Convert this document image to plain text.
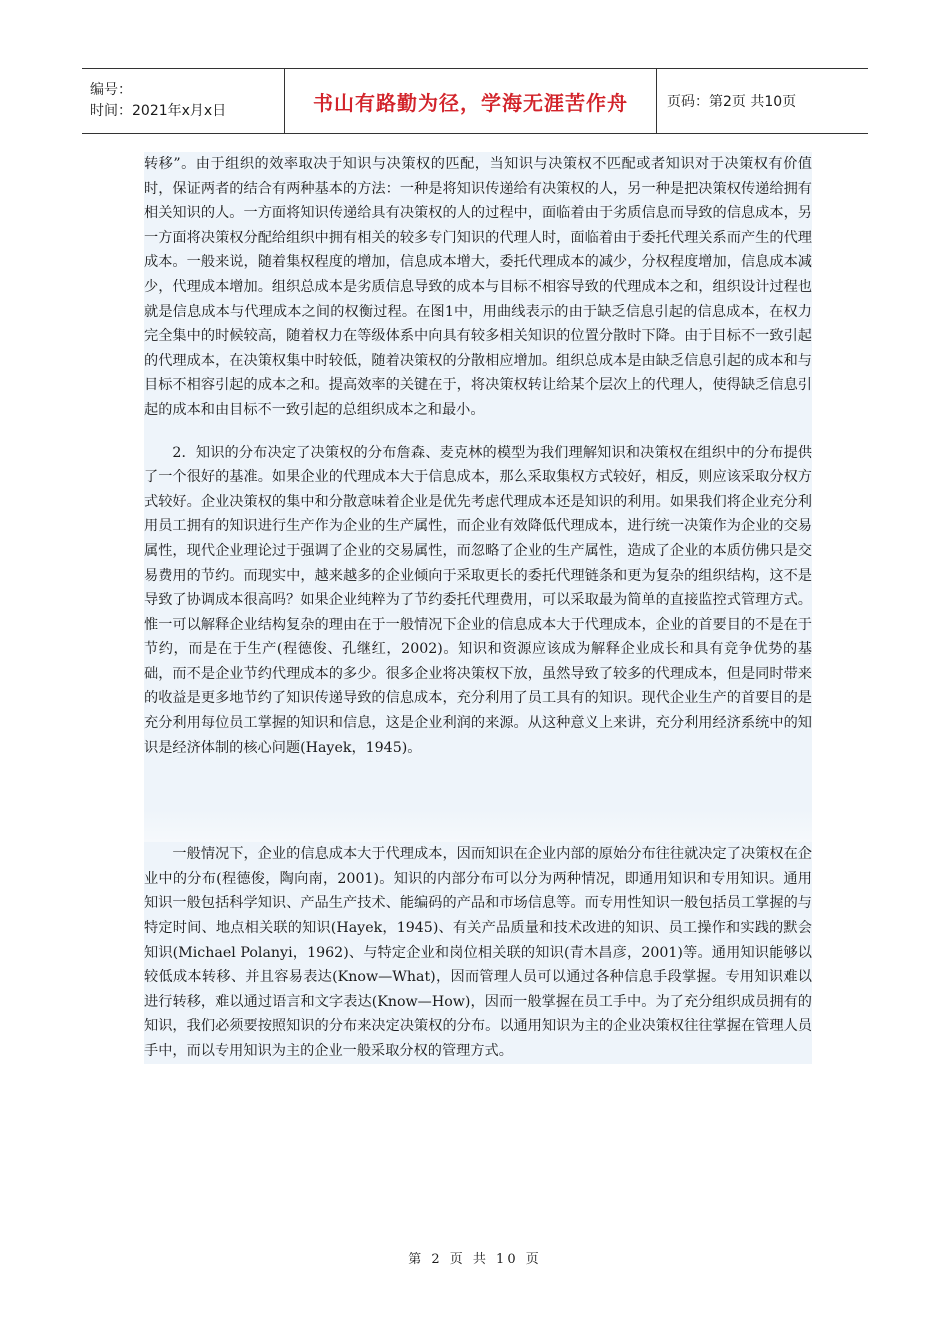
编号：
时间：2021年x月x日	书山有路勤为径，学海无涯苦作舟	页码：第2页 共10页

转移”。由于组织的效率取决于知识与决策权的匹配，当知识与决策权不匹配或者知识对于决策权有价值时，保证两者的结合有两种基本的方法：一种是将知识传递给有决策权的人，另一种是把决策权传递给拥有相关知识的人。一方面将知识传递给具有决策权的人的过程中，面临着由于劣质信息而导致的信息成本，另一方面将决策权分配给组织中拥有相关的较多专门知识的代理人时，面临着由于委托代理关系而产生的代理成本。一般来说，随着集权程度的增加，信息成本增大，委托代理成本的减少，分权程度增加，信息成本减少，代理成本增加。组织总成本是劣质信息导致的成本与目标不相容导致的代理成本之和，组织设计过程也就是信息成本与代理成本之间的权衡过程。在图1中，用曲线表示的由于缺乏信息引起的信息成本，在权力完全集中的时候较高，随着权力在等级体系中向具有较多相关知识的位置分散时下降。由于目标不一致引起的代理成本，在决策权集中时较低，随着决策权的分散相应增加。组织总成本是由缺乏信息引起的成本和与目标不相容引起的成本之和。提高效率的关键在于，将决策权转让给某个层次上的代理人，使得缺乏信息引起的成本和由目标不一致引起的总组织成本之和最小。

2．知识的分布决定了决策权的分布詹森、麦克林的模型为我们理解知识和决策权在组织中的分布提供了一个很好的基准。如果企业的代理成本大于信息成本，那么采取集权方式较好，相反，则应该采取分权方式较好。企业决策权的集中和分散意味着企业是优先考虑代理成本还是知识的利用。如果我们将企业充分利用员工拥有的知识进行生产作为企业的生产属性，而企业有效降低代理成本，进行统一决策作为企业的交易属性，现代企业理论过于强调了企业的交易属性，而忽略了企业的生产属性，造成了企业的本质仿佛只是交易费用的节约。而现实中，越来越多的企业倾向于采取更长的委托代理链条和更为复杂的组织结构，这不是导致了协调成本很高吗？如果企业纯粹为了节约委托代理费用，可以采取最为简单的直接监控式管理方式。惟一可以解释企业结构复杂的理由在于一般情况下企业的信息成本大于代理成本，企业的首要目的不是在于节约，而是在于生产(程德俊、孔继红，2002)。知识和资源应该成为解释企业成长和具有竞争优势的基础，而不是企业节约代理成本的多少。很多企业将决策权下放，虽然导致了较多的代理成本，但是同时带来的收益是更多地节约了知识传递导致的信息成本，充分利用了员工具有的知识。现代企业生产的首要目的是充分利用每位员工掌握的知识和信息，这是企业利润的来源。从这种意义上来讲，充分利用经济系统中的知识是经济体制的核心问题(Hayek，1945)。

一般情况下，企业的信息成本大于代理成本，因而知识在企业内部的原始分布往往就决定了决策权在企业中的分布(程德俊，陶向南，2001)。知识的内部分布可以分为两种情况，即通用知识和专用知识。通用知识一般包括科学知识、产品生产技术、能编码的产品和市场信息等。而专用性知识一般包括员工掌握的与特定时间、地点相关联的知识(Hayek，1945)、有关产品质量和技术改进的知识、员工操作和实践的默会知识(Michael Polanyi，1962)、与特定企业和岗位相关联的知识(青木昌彦，2001)等。通用知识能够以较低成本转移、并且容易表达(Know—What)，因而管理人员可以通过各种信息手段掌握。专用知识难以进行转移，难以通过语言和文字表达(Know—How)，因而一般掌握在员工手中。为了充分组织成员拥有的知识，我们必须要按照知识的分布来决定决策权的分布。以通用知识为主的企业决策权往往掌握在管理人员手中，而以专用知识为主的企业一般采取分权的管理方式。

第 2 页 共 10 页
